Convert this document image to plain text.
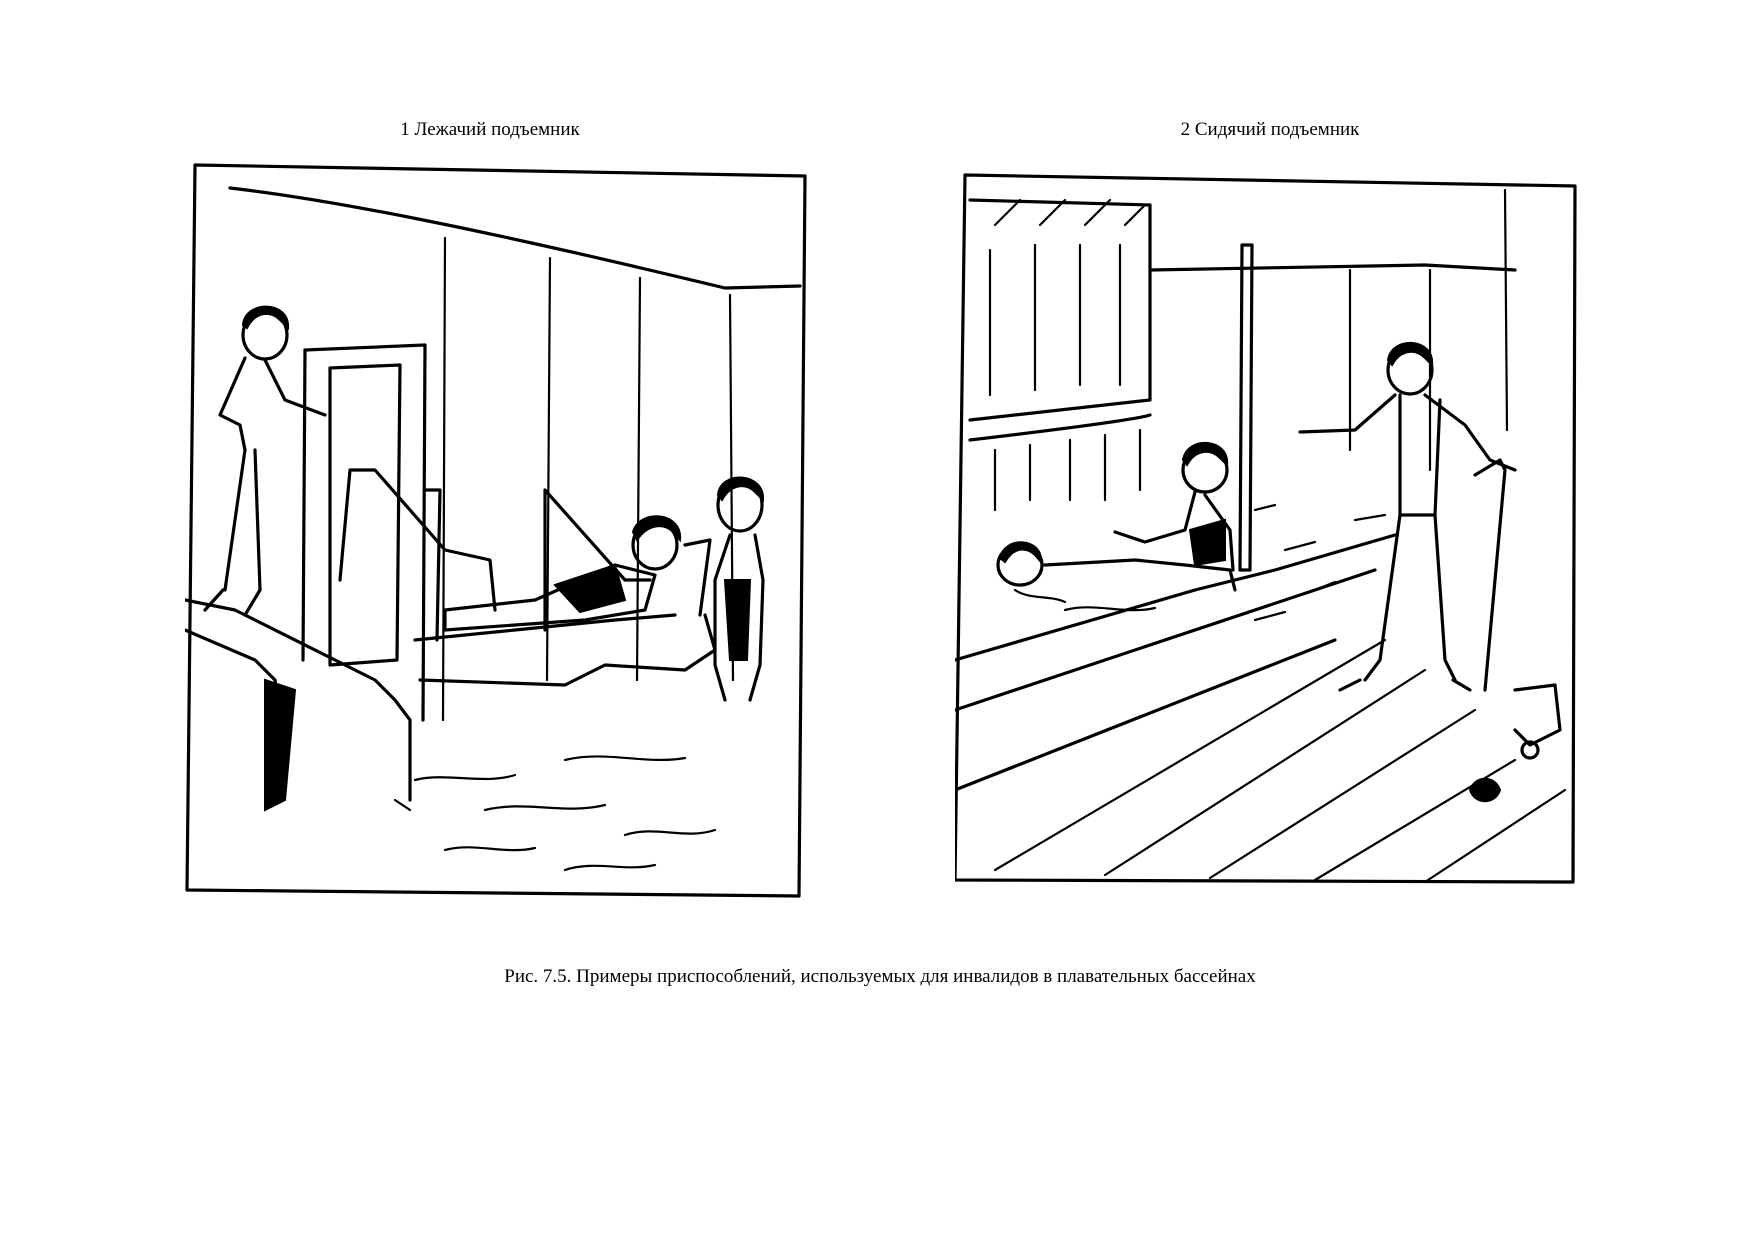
1 Лежачий подъемник	2 Сидячий подъемник
Рис. 7.5. Примеры приспособлений, используемых для инвалидов в плавательных бассейнах
